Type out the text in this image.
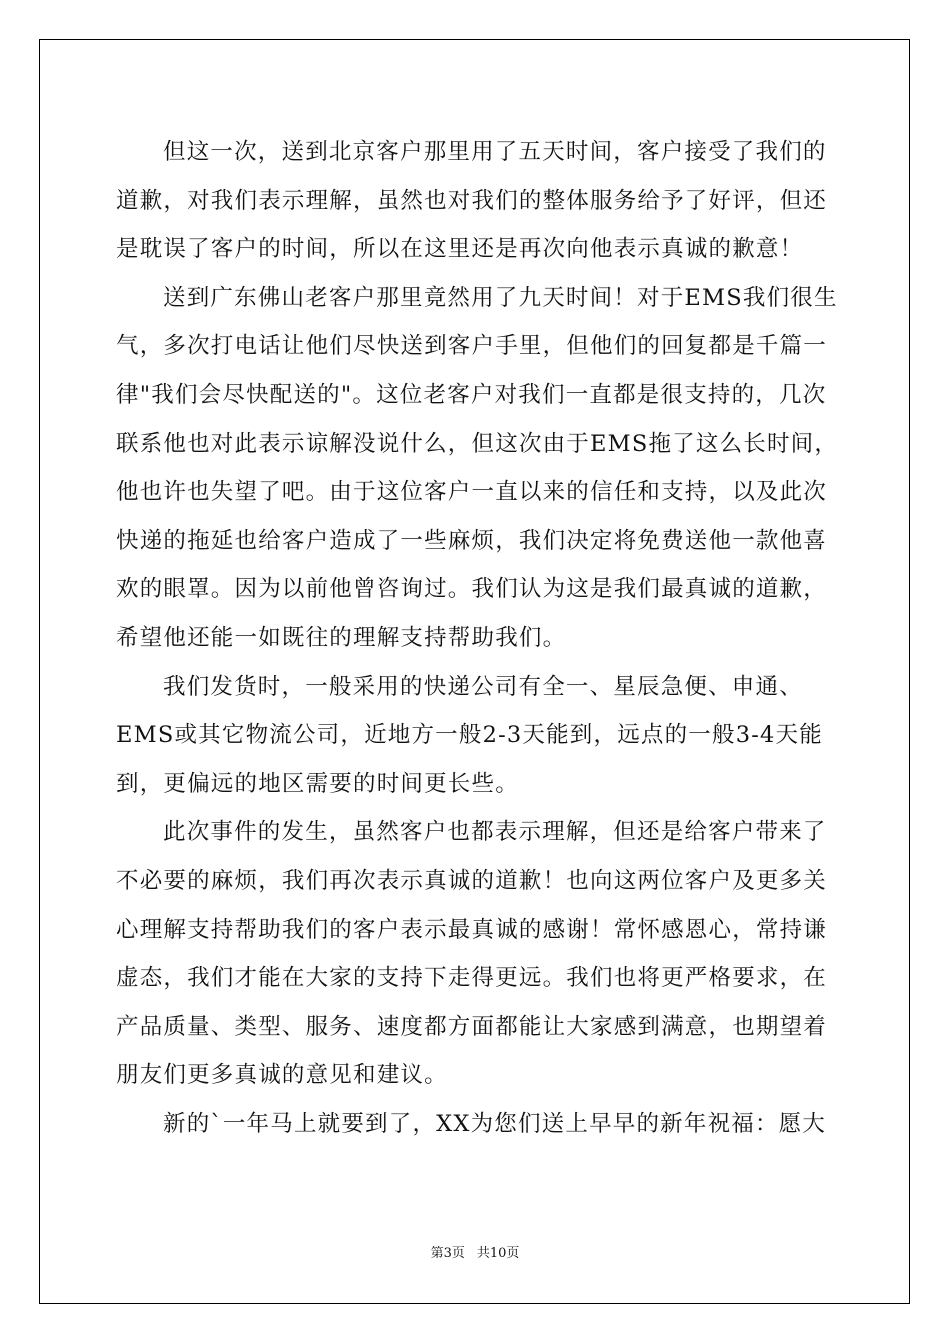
但这一次，送到北京客户那里用了五天时间，客户接受了我们的
道歉，对我们表示理解，虽然也对我们的整体服务给予了好评，但还
是耽误了客户的时间，所以在这里还是再次向他表示真诚的歉意！
送到广东佛山老客户那里竟然用了九天时间！对于EMS我们很生
气，多次打电话让他们尽快送到客户手里，但他们的回复都是千篇一
律"我们会尽快配送的"。这位老客户对我们一直都是很支持的，几次
联系他也对此表示谅解没说什么，但这次由于EMS拖了这么长时间，
他也许也失望了吧。由于这位客户一直以来的信任和支持，以及此次
快递的拖延也给客户造成了一些麻烦，我们决定将免费送他一款他喜
欢的眼罩。因为以前他曾咨询过。我们认为这是我们最真诚的道歉，
希望他还能一如既往的理解支持帮助我们。
我们发货时，一般采用的快递公司有全一、星辰急便、申通、
EMS或其它物流公司，近地方一般2-3天能到，远点的一般3-4天能
到，更偏远的地区需要的时间更长些。
此次事件的发生，虽然客户也都表示理解，但还是给客户带来了
不必要的麻烦，我们再次表示真诚的道歉！也向这两位客户及更多关
心理解支持帮助我们的客户表示最真诚的感谢！常怀感恩心，常持谦
虚态，我们才能在大家的支持下走得更远。我们也将更严格要求，在
产品质量、类型、服务、速度都方面都能让大家感到满意，也期望着
朋友们更多真诚的意见和建议。
新的`一年马上就要到了，XX为您们送上早早的新年祝福：愿大
第3页 共10页
